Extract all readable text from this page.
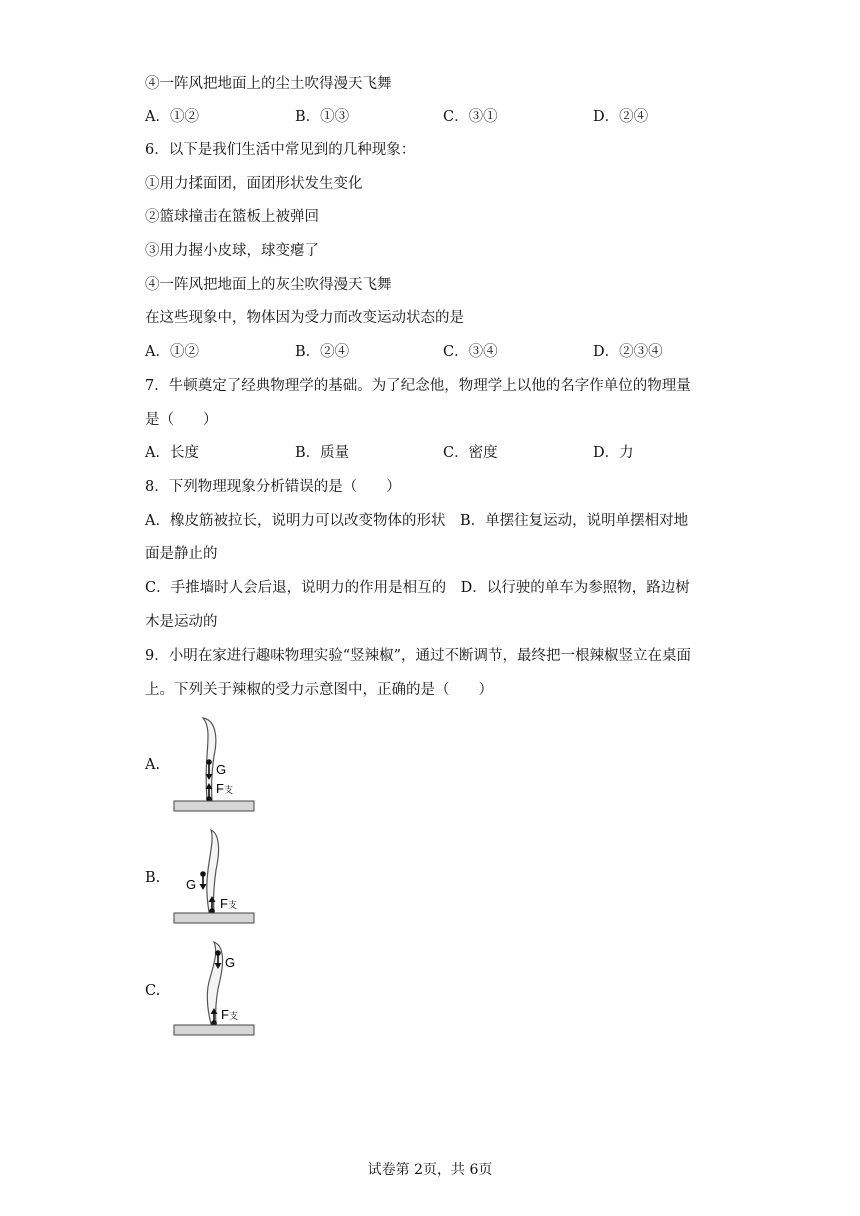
④一阵风把地面上的尘土吹得漫天飞舞
A．①②	B．①③	C．③①	D．②④
6．以下是我们生活中常见到的几种现象：
①用力揉面团，面团形状发生变化
②篮球撞击在篮板上被弹回
③用力握小皮球，球变瘪了
④一阵风把地面上的灰尘吹得漫天飞舞
在这些现象中，物体因为受力而改变运动状态的是
A．①②	B．②④	C．③④	D．②③④
7．牛顿奠定了经典物理学的基础。为了纪念他，物理学上以他的名字作单位的物理量
是（　　）
A．长度	B．质量	C．密度	D．力
8．下列物理现象分析错误的是（　　）
A．橡皮筋被拉长，说明力可以改变物体的形状　B．单摆往复运动，说明单摆相对地
面是静止的
C．手推墙时人会后退，说明力的作用是相互的　D．以行驶的单车为参照物，路边树
木是运动的
9．小明在家进行趣味物理实验“竖辣椒”，通过不断调节，最终把一根辣椒竖立在桌面
上。下列关于辣椒的受力示意图中，正确的是（　　）
A.	G
F支
B. G
F支
C.
G
F支
试卷第 2页，共 6页
